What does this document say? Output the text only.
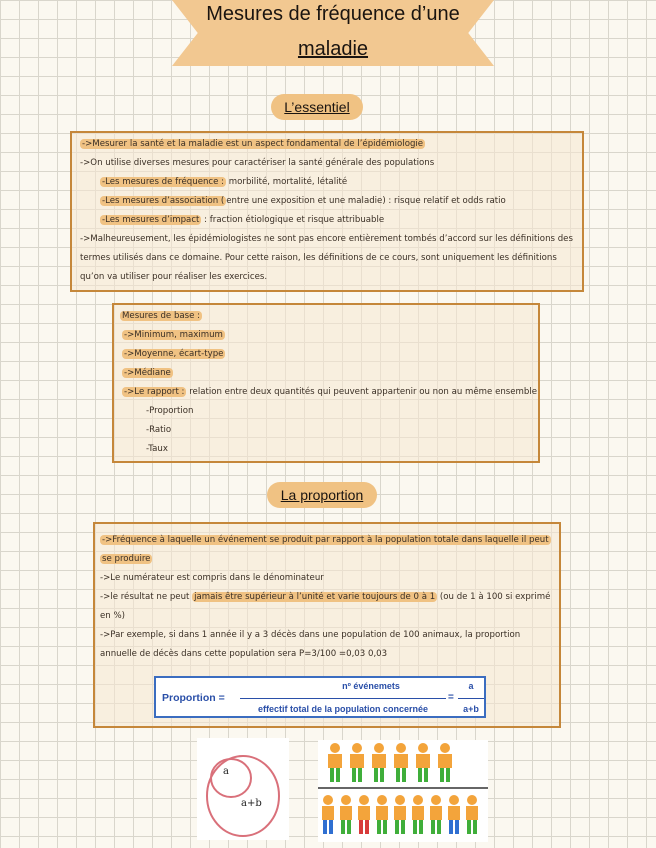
Mesures de fréquence d’une
maladie
L’essentiel
->Mesurer la santé et la maladie est un aspect fondamental de l’épidémiologie
->On utilise diverses mesures pour caractériser la santé générale des populations
-Les mesures de fréquence : morbilité, mortalité, létalité
-Les mesures d’association ( entre une exposition et une maladie) : risque relatif et odds ratio
-Les mesures d’impact : fraction étiologique et risque attribuable
->Malheureusement, les épidémiologistes ne sont pas encore entièrement tombés d’accord sur les définitions des
termes utilisés dans ce domaine. Pour cette raison, les définitions de ce cours, sont uniquement les définitions
qu’on va utiliser pour réaliser les exercices.
Mesures de base :
->Minimum, maximum
->Moyenne, écart-type
->Médiane
->Le rapport : relation entre deux quantités qui peuvent appartenir ou non au même ensemble
-Proportion
-Ratio
-Taux
La proportion
->Fréquence à laquelle un événement se produit par rapport à la population totale dans laquelle il peut
se produire
->Le numérateur est compris dans le dénominateur
->le résultat ne peut jamais être supérieur à l’unité et varie toujours de 0 à 1 (ou de 1 à 100 si exprimé
en %)
->Par exemple, si dans 1 année il y a 3 décès dans une population de 100 animaux, la proportion
annuelle de décès dans cette population sera P=3/100 =0,03 0,03
Proportion =
nº événemets
effectif total de la population concernée
=
a
a+b
a
a+b
